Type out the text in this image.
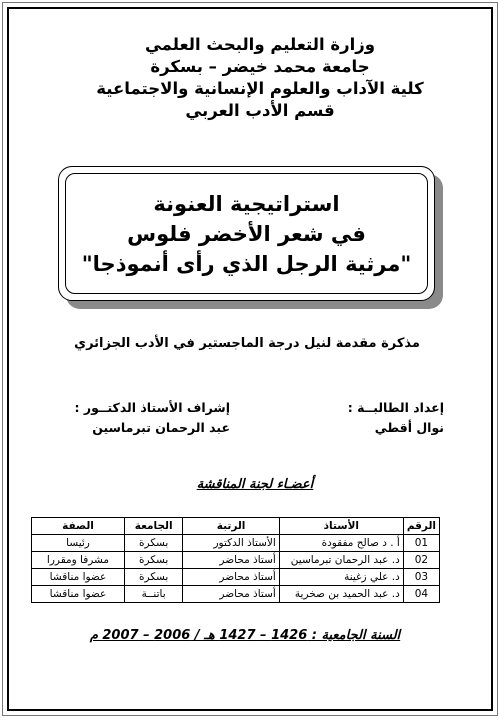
وزارة التعليم والبحث العلمي
جامعة محمد خيضر – بسكرة
كلية الآداب والعلوم الإنسانية والاجتماعية
قسم الأدب العربي
استراتيجية العنونة
في شعر الأخضر فلوس
"مرثية الرجل الذي رأى أنموذجا"
مذكرة مقدمة لنيل درجة الماجستير في الأدب الجزائري
إعداد الطالبــة :
نوال أقطي
إشراف الأستاذ الدكتــور :
عبد الرحمان تبرماسين
أعضـاء لجنة المناقشة
الرقم	الأستاذ	الرتبة	الجامعة	الصفة
01	أ . د صالح مفقودة	الأستاذ الدكتور	بسكرة	رئيسا
02	د. عبد الرحمان تبرماسين	أستاذ محاضر	بسكرة	مشرفا ومقررا
03	د. علي زغينة	أستاذ محاضر	بسكرة	عضوا مناقشا
04	د. عبد الحميد بن صخرية	أستاذ محاضر	باتنــة	عضوا مناقشا
السنة الجامعية : 1426 – 1427 هـ / 2006 – 2007 م
